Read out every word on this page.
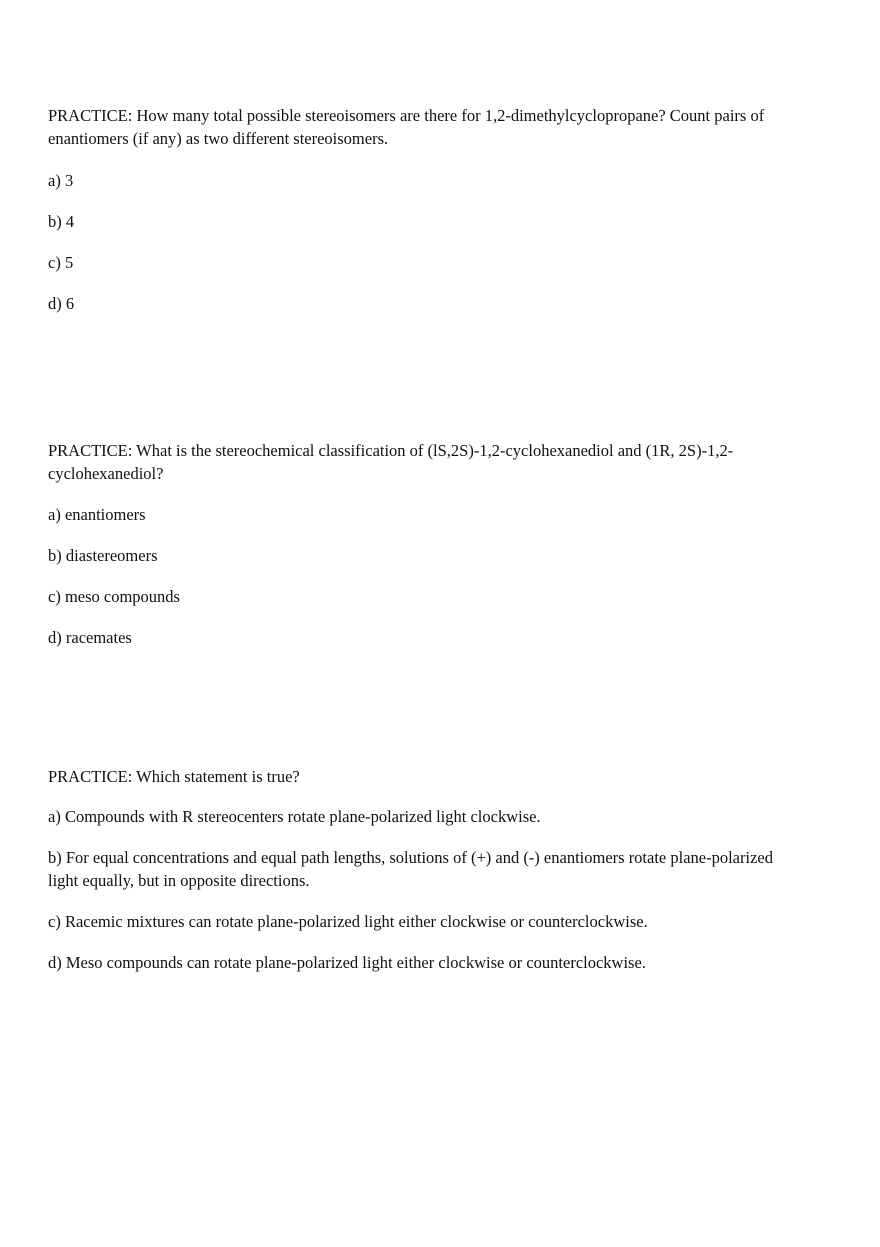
PRACTICE: How many total possible stereoisomers are there for 1,2-dimethylcyclopropane? Count pairs of enantiomers (if any) as two different stereoisomers.

a) 3
b) 4
c) 5
d) 6

PRACTICE: What is the stereochemical classification of (lS,2S)-1,2-cyclohexanediol and (1R, 2S)-1,2-cyclohexanediol?

a) enantiomers
b) diastereomers
c) meso compounds
d) racemates

PRACTICE: Which statement is true?

a) Compounds with R stereocenters rotate plane-polarized light clockwise.
b) For equal concentrations and equal path lengths, solutions of (+) and (-) enantiomers rotate plane-polarized light equally, but in opposite directions.
c) Racemic mixtures can rotate plane-polarized light either clockwise or counterclockwise.
d) Meso compounds can rotate plane-polarized light either clockwise or counterclockwise.
